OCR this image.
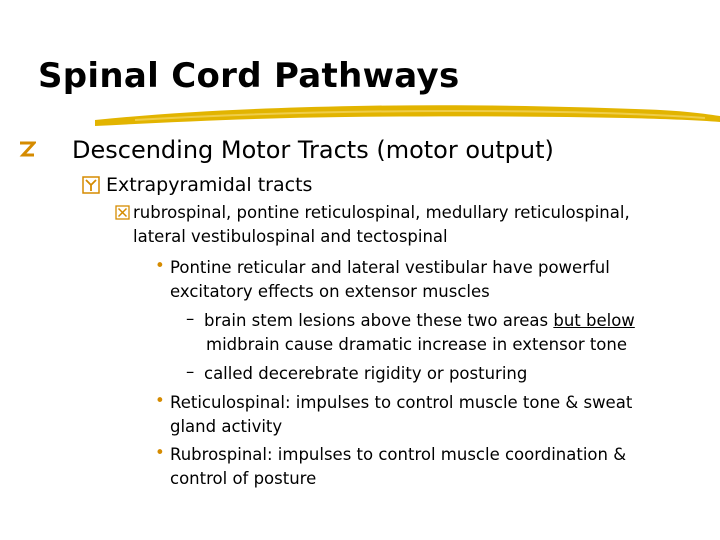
Spinal Cord Pathways
Descending Motor Tracts (motor output)
Extrapyramidal tracts
rubrospinal, pontine reticulospinal, medullary reticulospinal, lateral vestibulospinal and tectospinal
• Pontine reticular and lateral vestibular have powerful
excitatory effects on extensor muscles
– brain stem lesions above these two areas but below
midbrain cause dramatic increase in extensor tone
– called decerebrate rigidity or posturing
• Reticulospinal: impulses to control muscle tone & sweat
gland activity
• Rubrospinal: impulses to control muscle coordination &
control of posture
